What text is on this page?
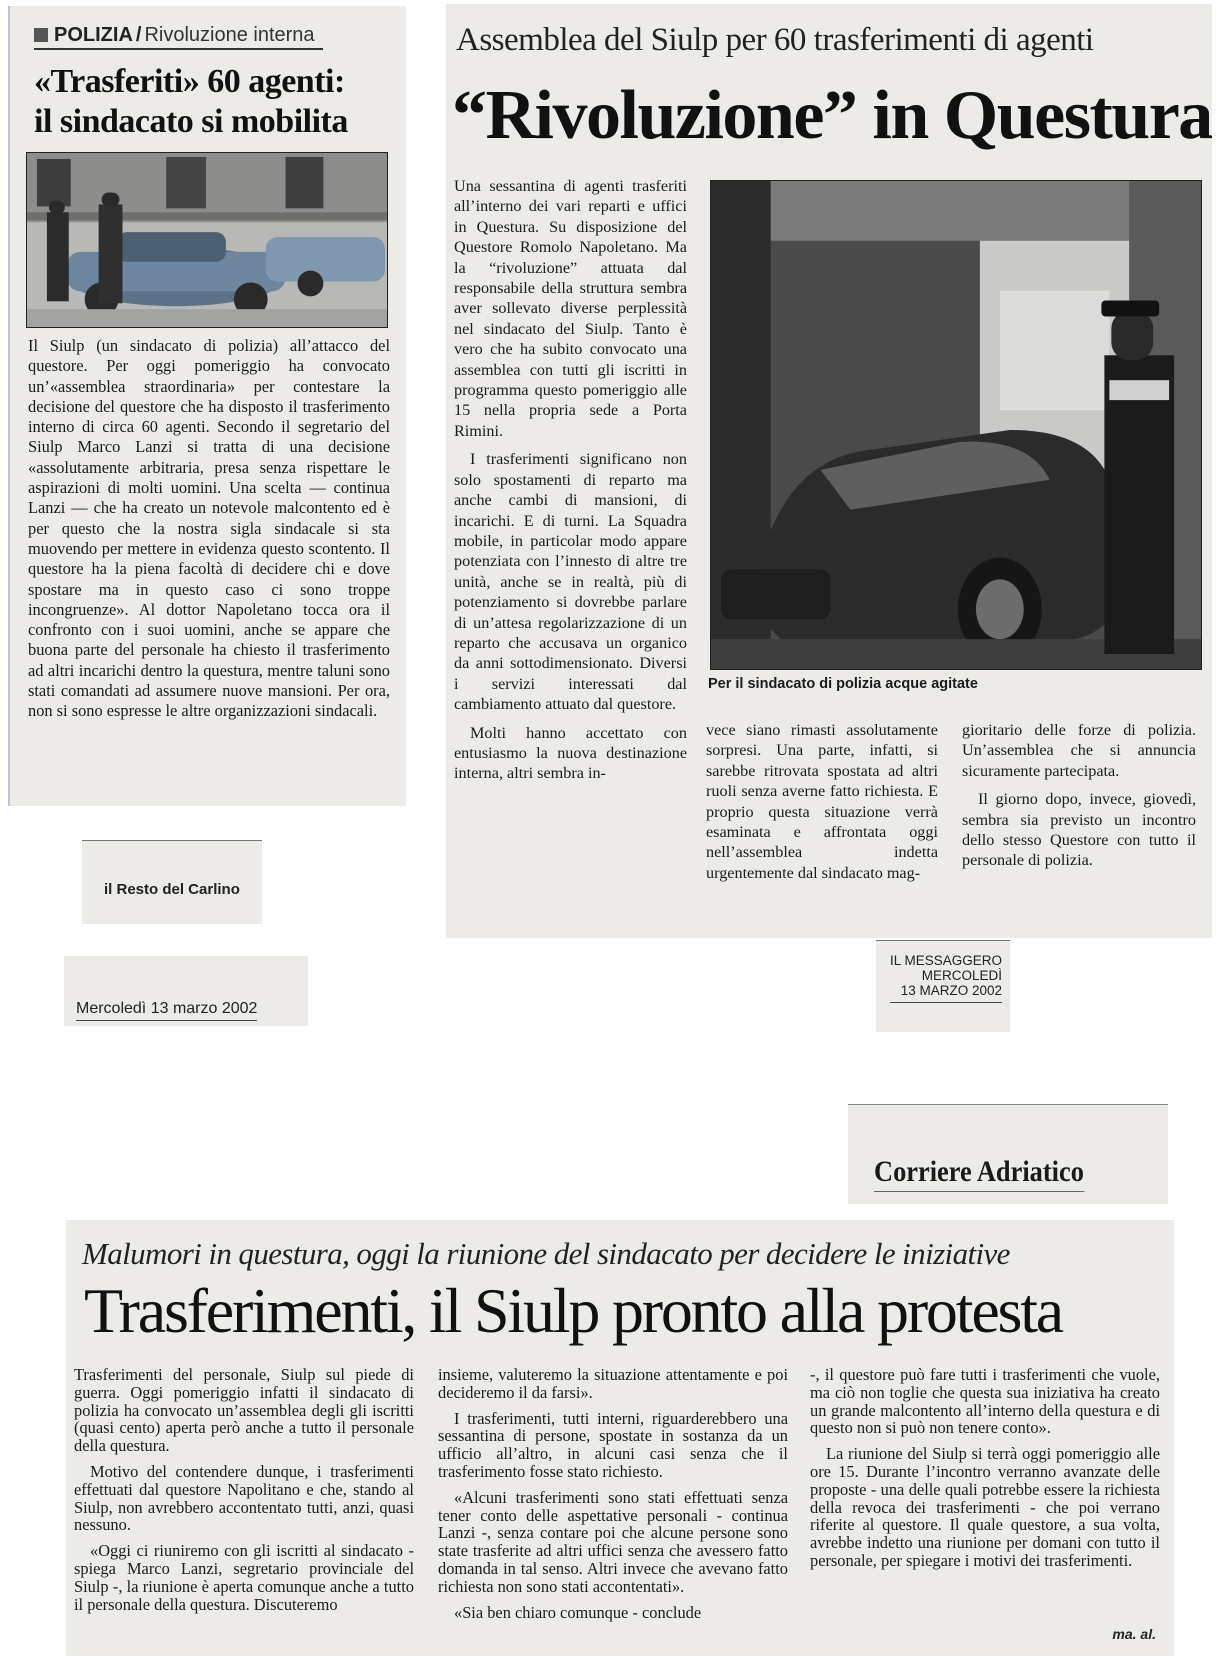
POLIZIA / Rivoluzione interna
«Trasferiti» 60 agenti:
il sindacato si mobilita

Il Siulp (un sindacato di polizia) all’attacco del questore. Per oggi pomeriggio ha convocato un’«assemblea straordinaria» per contestare la decisione del questore che ha disposto il trasferimento interno di circa 60 agenti. Secondo il segretario del Siulp Marco Lanzi si tratta di una decisione «assolutamente arbitraria, presa senza rispettare le aspirazioni di molti uomini. Una scelta — continua Lanzi — che ha creato un notevole malcontento ed è per questo che la nostra sigla sindacale si sta muovendo per mettere in evidenza questo scontento. Il questore ha la piena facoltà di decidere chi e dove spostare ma in questo caso ci sono troppe incongruenze». Al dottor Napoletano tocca ora il confronto con i suoi uomini, anche se appare che buona parte del personale ha chiesto il trasferimento ad altri incarichi dentro la questura, mentre taluni sono stati comandati ad assumere nuove mansioni. Per ora, non si sono espresse le altre organizzazioni sindacali.

il Resto del Carlino
Mercoledì 13 marzo 2002
Assemblea del Siulp per 60 trasferimenti di agenti
“Rivoluzione” in Questura

Una sessantina di agenti trasferiti all’interno dei vari reparti e uffici in Questura. Su disposizione del Questore Romolo Napoletano. Ma la “rivoluzione” attuata dal responsabile della struttura sembra aver sollevato diverse perplessità nel sindacato del Siulp. Tanto è vero che ha subito convocato una assemblea con tutti gli iscritti in programma questo pomeriggio alle 15 nella propria sede a Porta Rimini.

I trasferimenti significano non solo spostamenti di reparto ma anche cambi di mansioni, di incarichi. E di turni. La Squadra mobile, in particolar modo appare potenziata con l’innesto di altre tre unità, anche se in realtà, più di potenziamento si dovrebbe parlare di un’attesa regolarizzazione di un reparto che accusava un organico da anni sottodimensionato. Diversi i servizi interessati dal cambiamento attuato dal questore.

Molti hanno accettato con entusiasmo la nuova destinazione interna, altri sembra in-

Per il sindacato di polizia acque agitate

vece siano rimasti assolutamente sorpresi. Una parte, infatti, si sarebbe ritrovata spostata ad altri ruoli senza averne fatto richiesta. E proprio questa situazione verrà esaminata e affrontata oggi nell’assemblea indetta urgentemente dal sindacato mag-

gioritario delle forze di polizia. Un’assemblea che si annuncia sicuramente partecipata.

Il giorno dopo, invece, giovedì, sembra sia previsto un incontro dello stesso Questore con tutto il personale di polizia.

IL MESSAGGERO
MERCOLEDÌ
13 MARZO 2002
Corriere Adriatico
Malumori in questura, oggi la riunione del sindacato per decidere le iniziative
Trasferimenti, il Siulp pronto alla protesta

Trasferimenti del personale, Siulp sul piede di guerra. Oggi pomeriggio infatti il sindacato di polizia ha convocato un’assemblea degli gli iscritti (quasi cento) aperta però anche a tutto il personale della questura.

Motivo del contendere dunque, i trasferimenti effettuati dal questore Napolitano e che, stando al Siulp, non avrebbero accontentato tutti, anzi, quasi nessuno.

«Oggi ci riuniremo con gli iscritti al sindacato - spiega Marco Lanzi, segretario provinciale del Siulp -, la riunione è aperta comunque anche a tutto il personale della questura. Discuteremo

insieme, valuteremo la situazione attentamente e poi decideremo il da farsi».

I trasferimenti, tutti interni, riguarderebbero una sessantina di persone, spostate in sostanza da un ufficio all’altro, in alcuni casi senza che il trasferimento fosse stato richiesto.

«Alcuni trasferimenti sono stati effettuati senza tener conto delle aspettative personali - continua Lanzi -, senza contare poi che alcune persone sono state trasferite ad altri uffici senza che avessero fatto domanda in tal senso. Altri invece che avevano fatto richiesta non sono stati accontentati».

«Sia ben chiaro comunque - conclude

-, il questore può fare tutti i trasferimenti che vuole, ma ciò non toglie che questa sua iniziativa ha creato un grande malcontento all’interno della questura e di questo non si può non tenere conto».

La riunione del Siulp si terrà oggi pomeriggio alle ore 15. Durante l’incontro verranno avanzate delle proposte - una delle quali potrebbe essere la richiesta della revoca dei trasferimenti - che poi verrano riferite al questore. Il quale questore, a sua volta, avrebbe indetto una riunione per domani con tutto il personale, per spiegare i motivi dei trasferimenti.

ma. al.
